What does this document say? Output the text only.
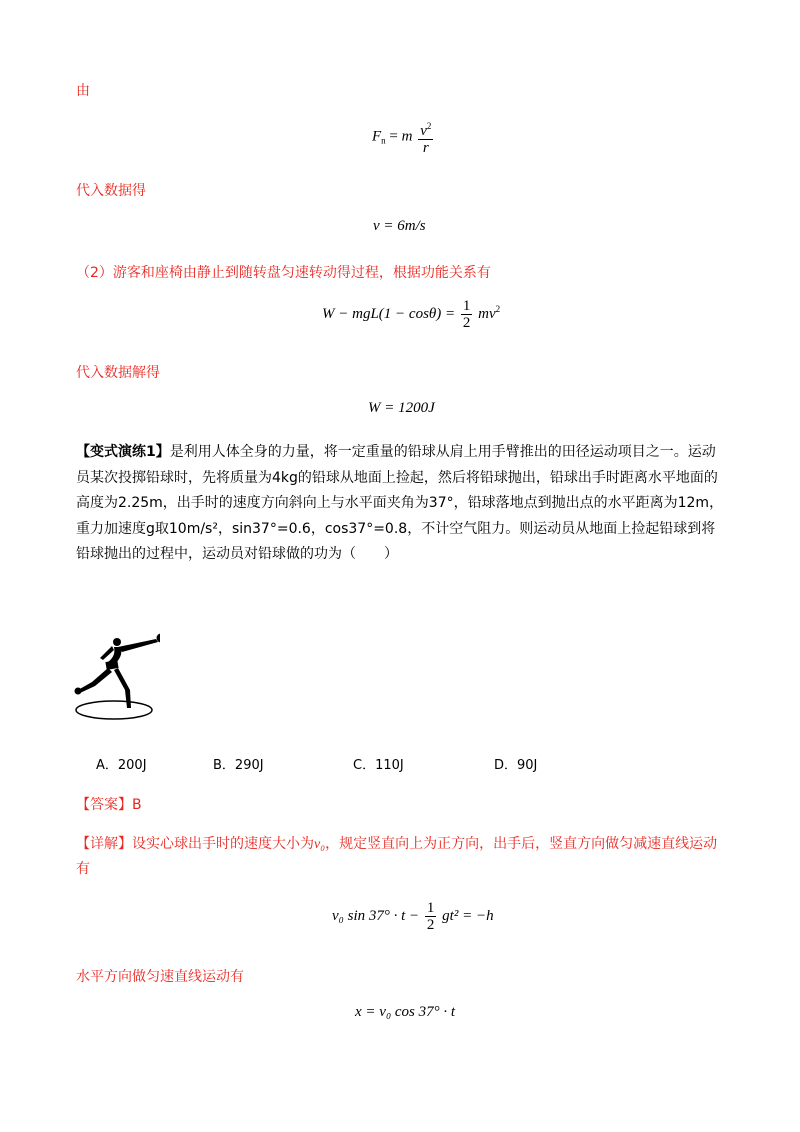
由
$F_n = m \frac{v^2}{r}$
代入数据得
v = 6m/s
（2）游客和座椅由静止到随转盘匀速转动得过程，根据功能关系有
$W - mgL(1 - \cos\theta) = \frac{1}{2} mv^2$
代入数据解得
W = 1200J
【变式演练1】是利用人体全身的力量，将一定重量的铅球从肩上用手臂推出的田径运动项目之一。运动员某次投掷铅球时，先将质量为4kg的铅球从地面上捡起，然后将铅球抛出，铅球出手时距离水平地面的高度为2.25m，出手时的速度方向斜向上与水平面夹角为37°，铅球落地点到抛出点的水平距离为12m，重力加速度g取10m/s²，sin37°=0.6，cos37°=0.8，不计空气阻力。则运动员从地面上捡起铅球到将铅球抛出的过程中，运动员对铅球做的功为（　　）
A．200J	B．290J	C．110J	D．90J
【答案】B
【详解】设实心球出手时的速度大小为v₀，规定竖直向上为正方向，出手后，竖直方向做匀减速直线运动有
v₀ $\sin 37^\circ \cdot t - \frac{1}{2} gt^2 = -h$
水平方向做匀速直线运动有
x = v₀ cos 37° · t
